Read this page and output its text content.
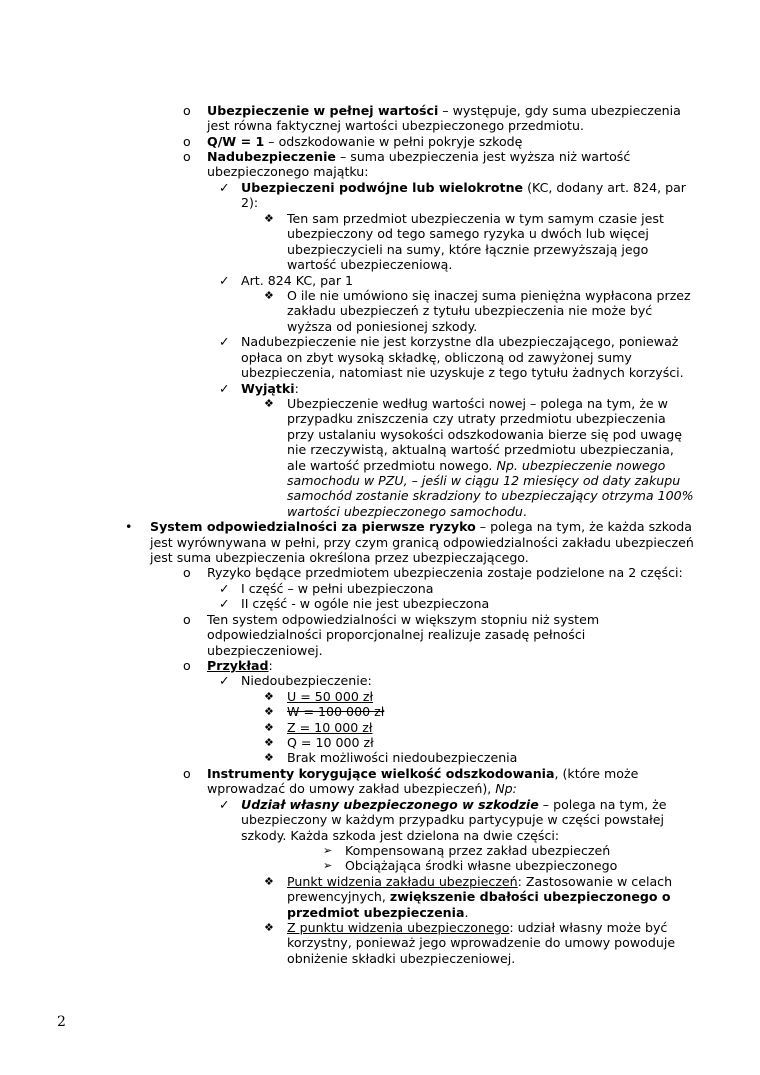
o Ubezpieczenie w pełnej wartości – występuje, gdy suma ubezpieczenia
jest równa faktycznej wartości ubezpieczonego przedmiotu.
o Q/W = 1 – odszkodowanie w pełni pokryje szkodę
o Nadubezpieczenie – suma ubezpieczenia jest wyższa niż wartość
ubezpieczonego majątku:
✓ Ubezpieczeni podwójne lub wielokrotne (KC, dodany art. 824, par
2):
❖ Ten sam przedmiot ubezpieczenia w tym samym czasie jest
ubezpieczony od tego samego ryzyka u dwóch lub więcej
ubezpieczycieli na sumy, które łącznie przewyższają jego
wartość ubezpieczeniową.
✓ Art. 824 KC, par 1
❖ O ile nie umówiono się inaczej suma pieniężna wypłacona przez
zakładu ubezpieczeń z tytułu ubezpieczenia nie może być
wyższa od poniesionej szkody.
✓ Nadubezpieczenie nie jest korzystne dla ubezpieczającego, ponieważ
opłaca on zbyt wysoką składkę, obliczoną od zawyżonej sumy
ubezpieczenia, natomiast nie uzyskuje z tego tytułu żadnych korzyści.
✓ Wyjątki:
❖ Ubezpieczenie według wartości nowej – polega na tym, że w
przypadku zniszczenia czy utraty przedmiotu ubezpieczenia
przy ustalaniu wysokości odszkodowania bierze się pod uwagę
nie rzeczywistą, aktualną wartość przedmiotu ubezpieczania,
ale wartość przedmiotu nowego. Np. ubezpieczenie nowego
samochodu w PZU, – jeśli w ciągu 12 miesięcy od daty zakupu
samochód zostanie skradziony to ubezpieczający otrzyma 100%
wartości ubezpieczonego samochodu.
• System odpowiedzialności za pierwsze ryzyko – polega na tym, że każda szkoda
jest wyrównywana w pełni, przy czym granicą odpowiedzialności zakładu ubezpieczeń
jest suma ubezpieczenia określona przez ubezpieczającego.
o Ryzyko będące przedmiotem ubezpieczenia zostaje podzielone na 2 części:
✓ I część – w pełni ubezpieczona
✓ II część - w ogóle nie jest ubezpieczona
o Ten system odpowiedzialności w większym stopniu niż system
odpowiedzialności proporcjonalnej realizuje zasadę pełności
ubezpieczeniowej.
o Przykład:
✓ Niedoubezpieczenie:
❖ U = 50 000 zł
❖ W = 100 000 zł
❖ Z = 10 000 zł
❖ Q = 10 000 zł
❖ Brak możliwości niedoubezpieczenia
o Instrumenty korygujące wielkość odszkodowania, (które może
wprowadzać do umowy zakład ubezpieczeń), Np:
✓ Udział własny ubezpieczonego w szkodzie – polega na tym, że
ubezpieczony w każdym przypadku partycypuje w części powstałej
szkody. Każda szkoda jest dzielona na dwie części:
➢ Kompensowaną przez zakład ubezpieczeń
➢ Obciążająca środki własne ubezpieczonego
❖ Punkt widzenia zakładu ubezpieczeń: Zastosowanie w celach
prewencyjnych, zwiększenie dbałości ubezpieczonego o
przedmiot ubezpieczenia.
❖ Z punktu widzenia ubezpieczonego: udział własny może być
korzystny, ponieważ jego wprowadzenie do umowy powoduje
obniżenie składki ubezpieczeniowej.
2
